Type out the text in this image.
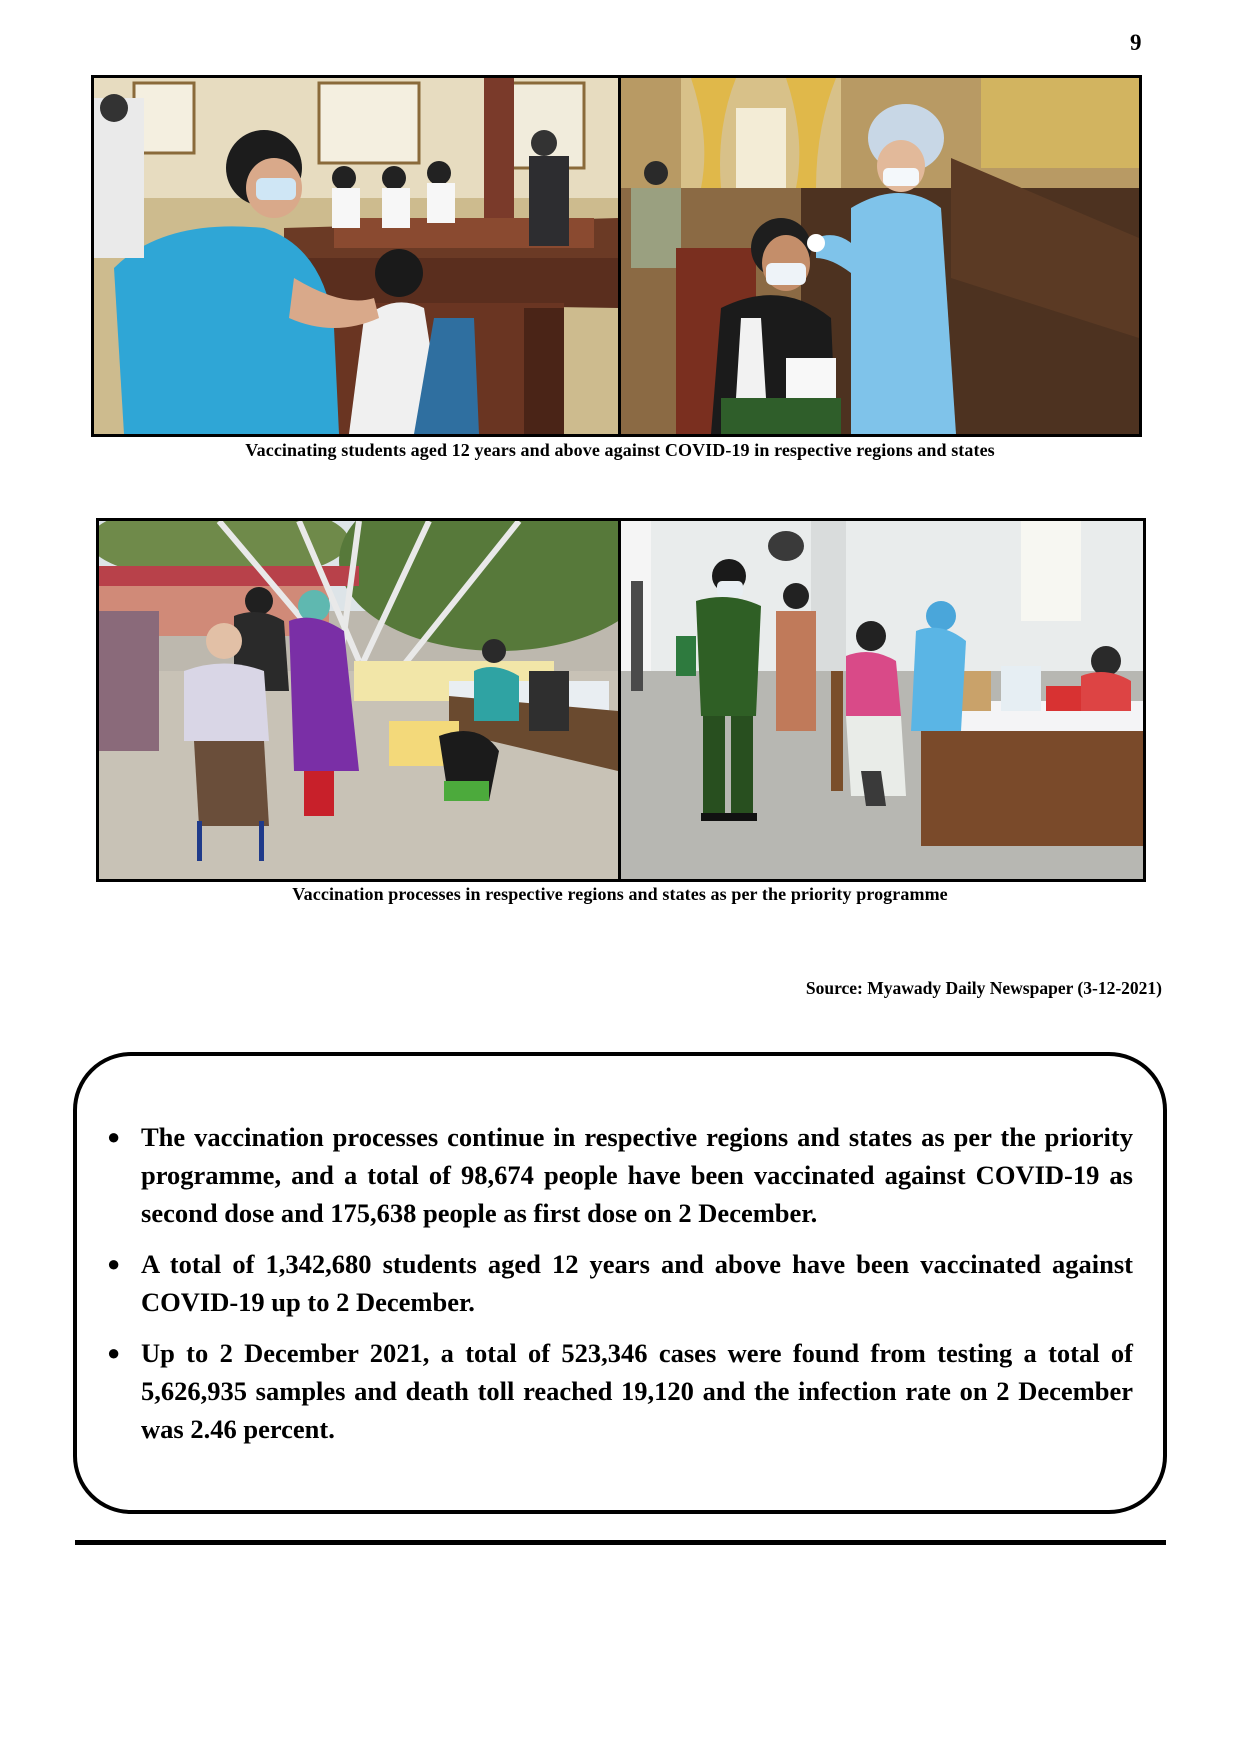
9
Vaccinating students aged 12 years and above against COVID-19 in respective regions and states
Vaccination processes in respective regions and states as per the priority programme
Source: Myawady Daily Newspaper (3-12-2021)
● The vaccination processes continue in respective regions and states as per the priority programme, and a total of 98,674 people have been vaccinated against COVID-19 as second dose and 175,638 people as first dose on 2 December.
● A total of 1,342,680 students aged 12 years and above have been vaccinated against COVID-19 up to 2 December.
● Up to 2 December 2021, a total of 523,346 cases were found from testing a total of 5,626,935 samples and death toll reached 19,120 and the infection rate on 2 December was 2.46 percent.
